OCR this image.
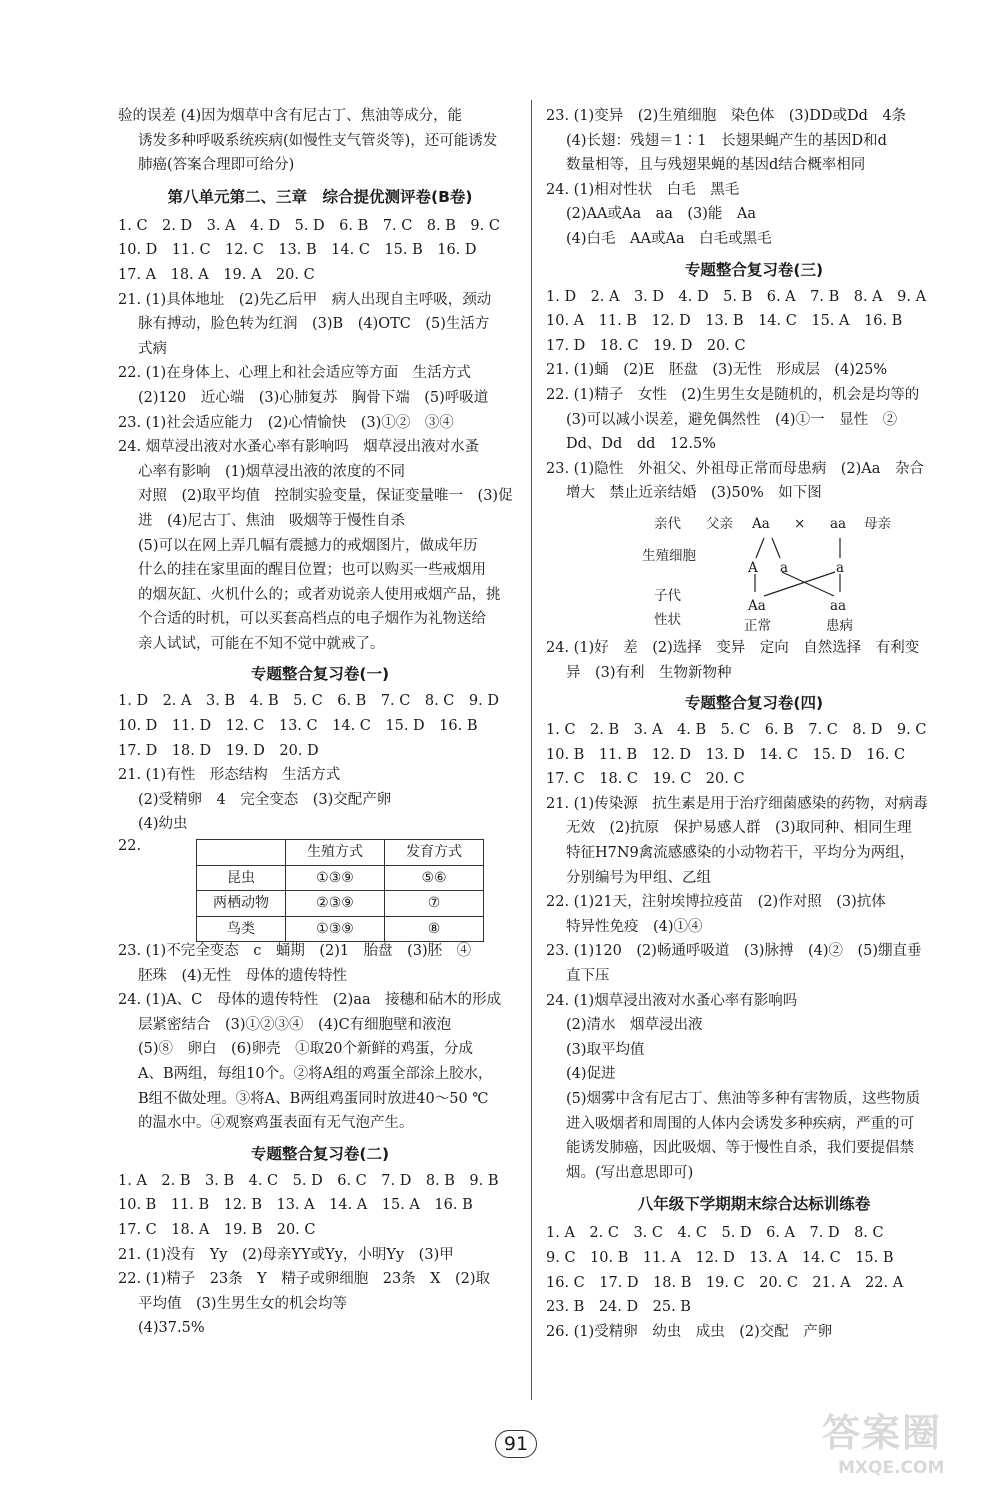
验的误差 (4)因为烟草中含有尼古丁、焦油等成分，能
诱发多种呼吸系统疾病(如慢性支气管炎等)，还可能诱发
肺癌(答案合理即可给分)
第八单元第二、三章　综合提优测评卷(B卷)
1. C　2. D　3. A　4. D　5. D　6. B　7. C　8. B　9. C
10. D　11. C　12. C　13. B　14. C　15. B　16. D
17. A　18. A　19. A　20. C
21. (1)具体地址　(2)先乙后甲　病人出现自主呼吸，颈动
脉有搏动，脸色转为红润　(3)B　(4)OTC　(5)生活方
式病
22. (1)在身体上、心理上和社会适应等方面　生活方式
(2)120　近心端　(3)心肺复苏　胸骨下端　(5)呼吸道
23. (1)社会适应能力　(2)心情愉快　(3)①②　③④
24. 烟草浸出液对水蚤心率有影响吗　烟草浸出液对水蚤
心率有影响　(1)烟草浸出液的浓度的不同
对照　(2)取平均值　控制实验变量，保证变量唯一　(3)促
进　(4)尼古丁、焦油　吸烟等于慢性自杀
(5)可以在网上弄几幅有震撼力的戒烟图片，做成年历
什么的挂在家里面的醒目位置；也可以购买一些戒烟用
的烟灰缸、火机什么的；或者劝说亲人使用戒烟产品，挑
个合适的时机，可以买套高档点的电子烟作为礼物送给
亲人试试，可能在不知不觉中就戒了。
专题整合复习卷(一)
1. D　2. A　3. B　4. B　5. C　6. B　7. C　8. C　9. D
10. D　11. D　12. C　13. C　14. C　15. D　16. B
17. D　18. D　19. D　20. D
21. (1)有性　形态结构　生活方式
(2)受精卵　4　完全变态　(3)交配产卵
(4)幼虫
22.
		生殖方式	发育方式
昆虫	①③⑨	⑤⑥
两栖动物	②③⑨	⑦
鸟类	①③⑨	⑧
23. (1)不完全变态　c　蛹期　(2)1　胎盘　(3)胚　④
胚珠　(4)无性　母体的遗传特性
24. (1)A、C　母体的遗传特性　(2)aa　接穗和砧木的形成
层紧密结合　(3)①②③④　(4)C有细胞壁和液泡
(5)⑧　卵白　(6)卵壳　①取20个新鲜的鸡蛋，分成
A、B两组，每组10个。②将A组的鸡蛋全部涂上胶水，
B组不做处理。③将A、B两组鸡蛋同时放进40～50 ℃
的温水中。④观察鸡蛋表面有无气泡产生。
专题整合复习卷(二)
1. A　2. B　3. B　4. C　5. D　6. C　7. D　8. B　9. B
10. B　11. B　12. B　13. A　14. A　15. A　16. B
17. C　18. A　19. B　20. C
21. (1)没有　Yy　(2)母亲YY或Yy，小明Yy　(3)甲
22. (1)精子　23条　Y　精子或卵细胞　23条　X　(2)取
平均值　(3)生男生女的机会均等
(4)37.5%
23. (1)变异　(2)生殖细胞　染色体　(3)DD或Dd　4条
(4)长翅：残翅＝1∶1　长翅果蝇产生的基因D和d
数量相等，且与残翅果蝇的基因d结合概率相同
24. (1)相对性状　白毛　黑毛
(2)AA或Aa　aa　(3)能　Aa
(4)白毛　AA或Aa　白毛或黑毛
专题整合复习卷(三)
1. D　2. A　3. D　4. D　5. B　6. A　7. B　8. A　9. A
10. A　11. B　12. D　13. B　14. C　15. A　16. B
17. D　18. C　19. D　20. C
21. (1)蛹　(2)E　胚盘　(3)无性　形成层　(4)25%
22. (1)精子　女性　(2)生男生女是随机的，机会是均等的
(3)可以减小误差，避免偶然性　(4)①一　显性　②
Dd、Dd　dd　12.5%
23. (1)隐性　外祖父、外祖母正常而母患病　(2)Aa　杂合
增大　禁止近亲结婚　(3)50%　如下图
亲代 父亲 Aa × aa 母亲
生殖细胞
A a	a
子代
Aa	aa
性状	正常	患病
24. (1)好　差　(2)选择　变异　定向　自然选择　有利变
异　(3)有利　生物新物种
专题整合复习卷(四)
1. C　2. B　3. A　4. B　5. C　6. B　7. C　8. D　9. C
10. B　11. B　12. D　13. D　14. C　15. D　16. C
17. C　18. C　19. C　20. C
21. (1)传染源　抗生素是用于治疗细菌感染的药物，对病毒
无效　(2)抗原　保护易感人群　(3)取同种、相同生理
特征H7N9禽流感感染的小动物若干，平均分为两组，
分别编号为甲组、乙组
22. (1)21天，注射埃博拉疫苗　(2)作对照　(3)抗体
特异性免疫　(4)①④
23. (1)120　(2)畅通呼吸道　(3)脉搏　(4)②　(5)绷直垂
直下压
24. (1)烟草浸出液对水蚤心率有影响吗
(2)清水　烟草浸出液
(3)取平均值
(4)促进
(5)烟雾中含有尼古丁、焦油等多种有害物质，这些物质
进入吸烟者和周围的人体内会诱发多种疾病，严重的可
能诱发肺癌，因此吸烟、等于慢性自杀，我们要提倡禁
烟。(写出意思即可)
八年级下学期期末综合达标训练卷
1. A　2. C　3. C　4. C　5. D　6. A　7. D　8. C
9. C　10. B　11. A　12. D　13. A　14. C　15. B
16. C　17. D　18. B　19. C　20. C　21. A　22. A
23. B　24. D　25. B
26. (1)受精卵　幼虫　成虫　(2)交配　产卵
91	答案圈
MXQE.COM
